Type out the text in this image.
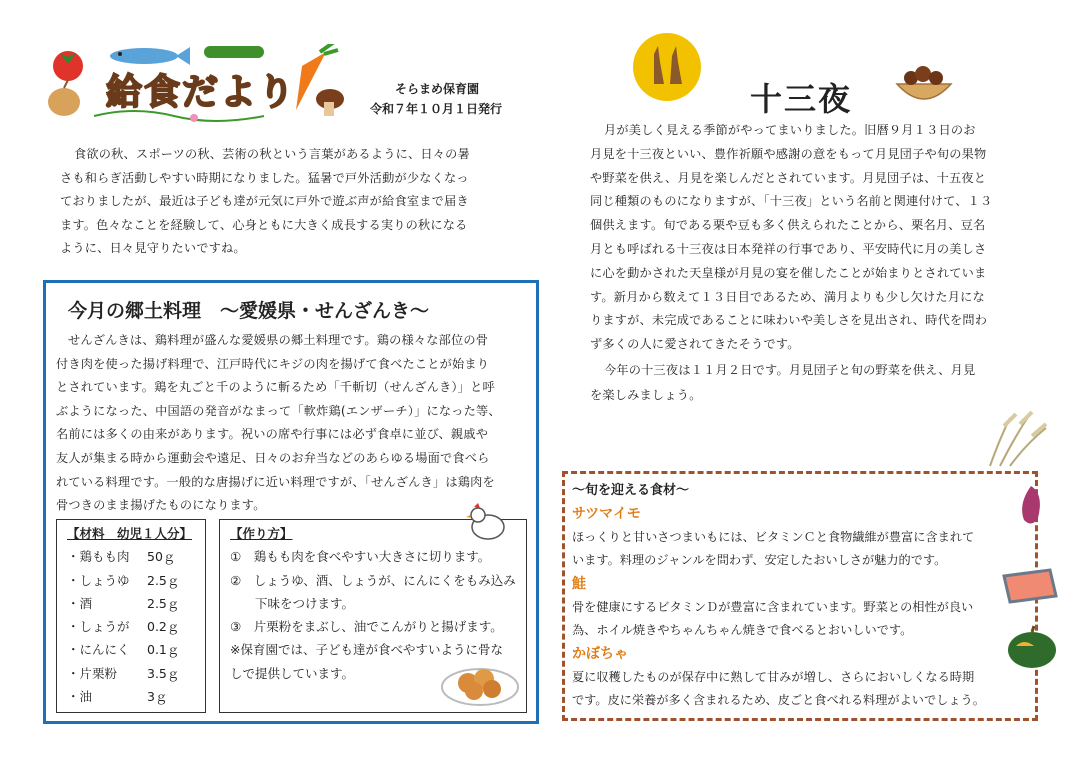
給食だより	そらまめ保育園
令和７年１０月１日発行

食欲の秋、スポーツの秋、芸術の秋という言葉があるように、日々の暑

さも和らぎ活動しやすい時期になりました。猛暑で戸外活動が少なくなっ

ておりましたが、最近は子ども達が元気に戸外で遊ぶ声が給食室まで届き

ます。色々なことを経験して、心身ともに大きく成長する実りの秋になる

ように、日々見守りたいですね。

今月の郷土料理　～愛媛県・せんざんき～

せんざんきは、鶏料理が盛んな愛媛県の郷土料理です。鶏の様々な部位の骨

付き肉を使った揚げ料理で、江戸時代にキジの肉を揚げて食べたことが始まり

とされています。鶏を丸ごと千のように斬るため「千斬切（せんざんき）」と呼

ぶようになった、中国語の発音がなまって「軟炸鶏(エンザーチ）」になった等、

名前には多くの由来があります。祝いの席や行事には必ず食卓に並び、親戚や

友人が集まる時から運動会や遠足、日々のお弁当などのあらゆる場面で食べら

れている料理です。一般的な唐揚げに近い料理ですが、「せんざんき」は鶏肉を

骨つきのまま揚げたものになります。

【材料　幼児１人分】
・鶏もも肉 50ｇ
・しょうゆ 2.5ｇ
・酒	2.5ｇ
・しょうが 0.2ｇ
・にんにく 0.1ｇ
・片栗粉 3.5ｇ
・油	3ｇ
【作り方】
①　鶏もも肉を食べやすい大きさに切ります。
②　しょうゆ、酒、しょうが、にんにくをもみ込み
　　下味をつけます。
③　片栗粉をまぶし、油でこんがりと揚げます。
※保育園では、子ども達が食べやすいように骨な
しで提供しています。
十三夜

月が美しく見える季節がやってまいりました。旧暦９月１３日のお

月見を十三夜といい、豊作祈願や感謝の意をもって月見団子や旬の果物

や野菜を供え、月見を楽しんだとされています。月見団子は、十五夜と

同じ種類のものになりますが、「十三夜」という名前と関連付けて、１３

個供えます。旬である栗や豆も多く供えられたことから、栗名月、豆名

月とも呼ばれる十三夜は日本発祥の行事であり、平安時代に月の美しさ

に心を動かされた天皇様が月見の宴を催したことが始まりとされていま

す。新月から数えて１３日目であるため、満月よりも少し欠けた月にな

りますが、未完成であることに味わいや美しさを見出され、時代を問わ

ず多くの人に愛されてきたそうです。

今年の十三夜は１１月２日です。月見団子と旬の野菜を供え、月見

を楽しみましょう。

～旬を迎える食材～
サツマイモ
ほっくりと甘いさつまいもには、ビタミンＣと食物繊維が豊富に含まれて
います。料理のジャンルを問わず、安定したおいしさが魅力的です。
鮭
骨を健康にするビタミンＤが豊富に含まれています。野菜との相性が良い
為、ホイル焼きやちゃんちゃん焼きで食べるとおいしいです。
かぼちゃ
夏に収穫したものが保存中に熟して甘みが増し、さらにおいしくなる時期
です。皮に栄養が多く含まれるため、皮ごと食べれる料理がよいでしょう。
